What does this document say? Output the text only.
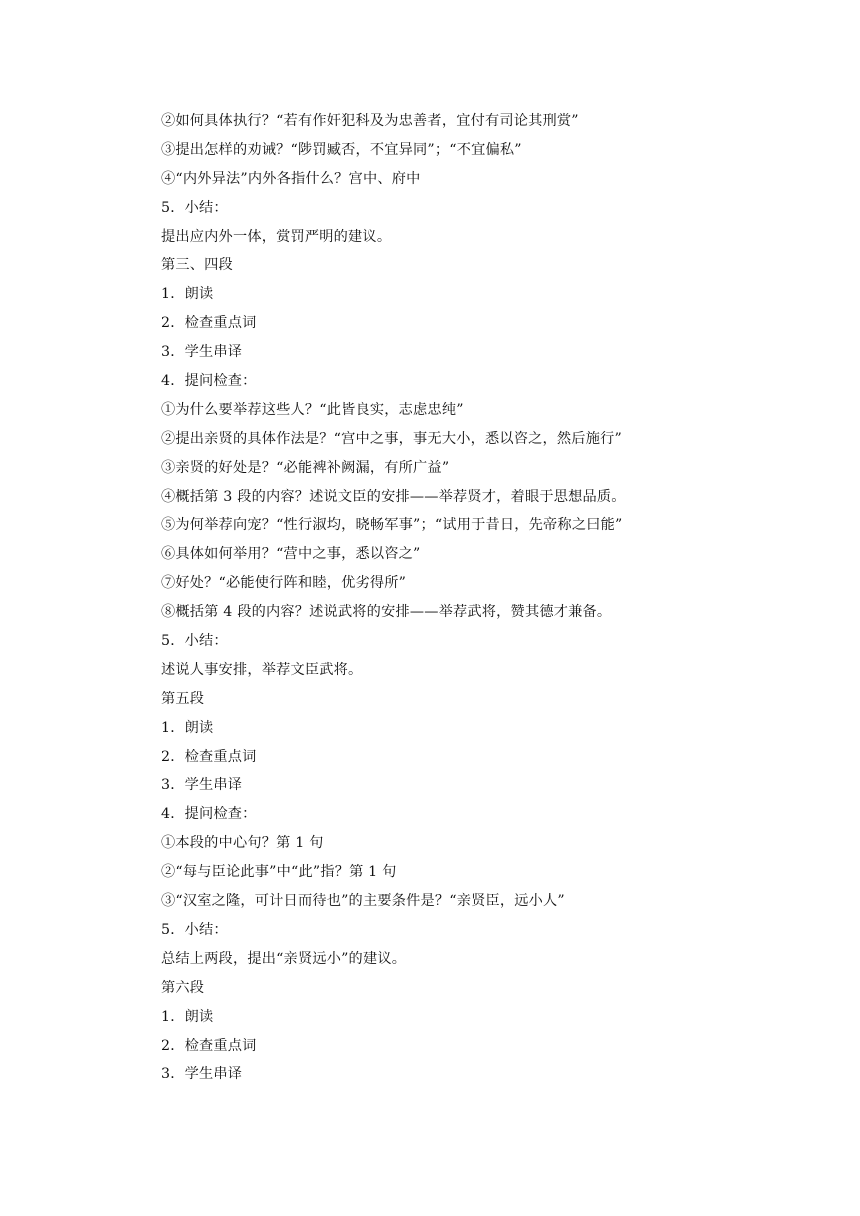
②如何具体执行？“若有作奸犯科及为忠善者，宜付有司论其刑赏”
③提出怎样的劝诫？“陟罚臧否，不宜异同”；“不宜偏私”
④“内外异法”内外各指什么？宫中、府中
5．小结：
提出应内外一体，赏罚严明的建议。
第三、四段
1．朗读
2．检查重点词
3．学生串译
4．提问检查：
①为什么要举荐这些人？“此皆良实，志虑忠纯”
②提出亲贤的具体作法是？“宫中之事，事无大小，悉以咨之，然后施行”
③亲贤的好处是？“必能裨补阙漏，有所广益”
④概括第 3 段的内容？述说文臣的安排——举荐贤才，着眼于思想品质。
⑤为何举荐向宠？“性行淑均，晓畅军事”；“试用于昔日，先帝称之曰能”
⑥具体如何举用？“营中之事，悉以咨之”
⑦好处？“必能使行阵和睦，优劣得所”
⑧概括第 4 段的内容？述说武将的安排——举荐武将，赞其德才兼备。
5．小结：
述说人事安排，举荐文臣武将。
第五段
1．朗读
2．检查重点词
3．学生串译
4．提问检查：
①本段的中心句？第 1 句
②“每与臣论此事”中“此”指？第 1 句
③“汉室之隆，可计日而待也”的主要条件是？“亲贤臣，远小人”
5．小结：
总结上两段，提出“亲贤远小”的建议。
第六段
1．朗读
2．检查重点词
3．学生串译
